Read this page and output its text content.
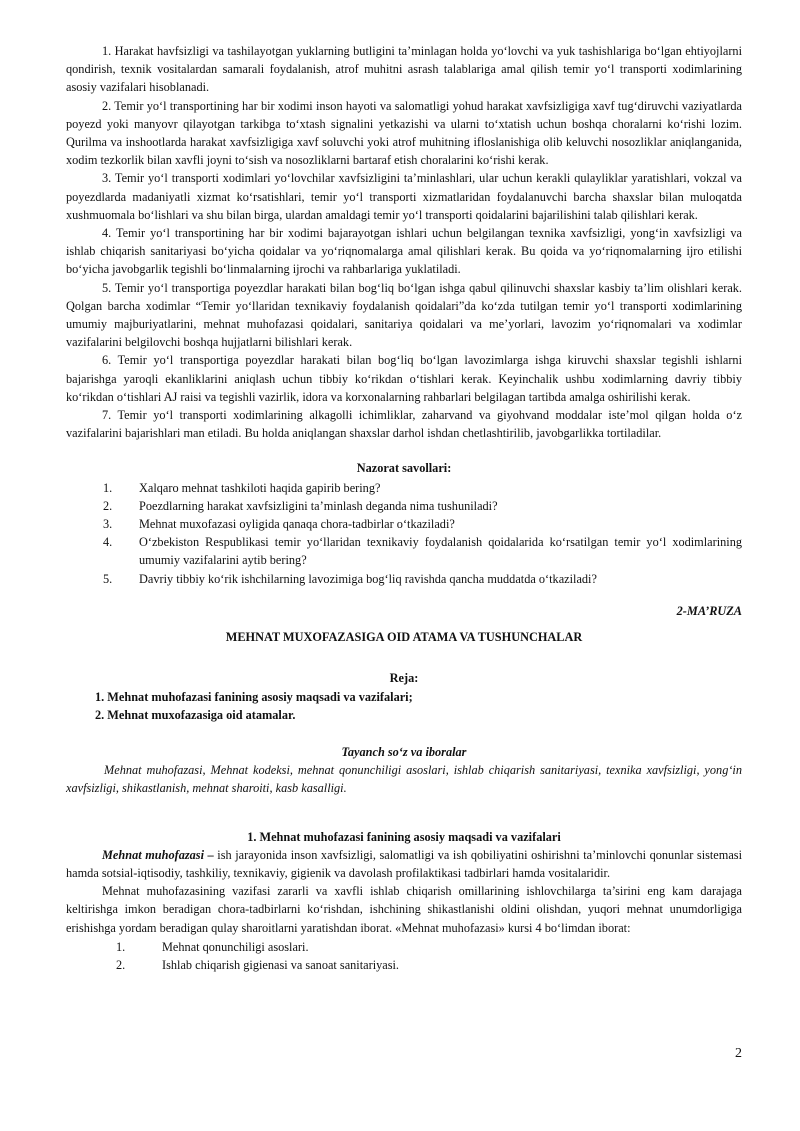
1. Harakat havfsizligi va tashilayotgan yuklarning butligini ta’minlagan holda yo‘lovchi va yuk tashishlariga bo‘lgan ehtiyojlarni qondirish, texnik vositalardan samarali foydalanish, atrof muhitni asrash talablariga amal qilish temir yo‘l transporti xodimlarining asosiy vazifalari hisoblanadi.

2. Temir yo‘l transportining har bir xodimi inson hayoti va salomatligi yohud harakat xavfsizligiga xavf tug‘diruvchi vaziyatlarda poyezd yoki manyovr qilayotgan tarkibga to‘xtash signalini yetkazishi va ularni to‘xtatish uchun boshqa choralarni ko‘rishi lozim. Qurilma va inshootlarda harakat xavfsizligiga xavf soluvchi yoki atrof muhitning ifloslanishiga olib keluvchi nosozliklar aniqlanganida, xodim tezkorlik bilan xavfli joyni to‘sish va nosozliklarni bartaraf etish choralarini ko‘rishi kerak.

3. Temir yo‘l transporti xodimlari yo‘lovchilar xavfsizligini ta’minlashlari, ular uchun kerakli qulayliklar yaratishlari, vokzal va poyezdlarda madaniyatli xizmat ko‘rsatishlari, temir yo‘l transporti xizmatlaridan foydalanuvchi barcha shaxslar bilan muloqatda xushmuomala bo‘lishlari va shu bilan birga, ulardan amaldagi temir yo‘l transporti qoidalarini bajarilishini talab qilishlari kerak.

4. Temir yo‘l transportining har bir xodimi bajarayotgan ishlari uchun belgilangan texnika xavfsizligi, yong‘in xavfsizligi va ishlab chiqarish sanitariyasi bo‘yicha qoidalar va yo‘riqnomalarga amal qilishlari kerak. Bu qoida va yo‘riqnomalarning ijro etilishi bo‘yicha javobgarlik tegishli bo‘linmalarning ijrochi va rahbarlariga yuklatiladi.

5. Temir yo‘l transportiga poyezdlar harakati bilan bog‘liq bo‘lgan ishga qabul qilinuvchi shaxslar kasbiy ta’lim olishlari kerak. Qolgan barcha xodimlar “Temir yo‘llaridan texnikavіy foydalanish qoidalari”da ko‘zda tutilgan temir yo‘l transporti xodimlarining umumiy majburiyatlarini, mehnat muhofazasi qoidalari, sanitariya qoidalari va me’yorlari, lavozim yo‘riqnomalari va xodimlar vazifalarini belgilovchi boshqa hujjatlarni bilishlari kerak.

6. Temir yo‘l transportiga poyezdlar harakati bilan bog‘liq bo‘lgan lavozimlarga ishga kiruvchi shaxslar tegishli ishlarni bajarishga yaroqli ekanliklarini aniqlash uchun tibbiy ko‘rikdan o‘tishlari kerak. Keyinchalik ushbu xodimlarning davriy tibbiy ko‘rikdan o‘tishlari AJ raisi va tegishli vazirlik, idora va korxonalarning rahbarlari belgilagan tartibda amalga oshirilishi kerak.

7. Temir yo‘l transporti xodimlarining alkagolli ichimliklar, zaharvand va giyohvand moddalar iste’mol qilgan holda o‘z vazifalarini bajarishlari man etiladi. Bu holda aniqlangan shaxslar darhol ishdan chetlashtirilib, javobgarlikka tortiladilar.

Nazorat savollari:

1.	Xalqaro mehnat tashkiloti haqida gapirib bering?
2.	Poezdlarning harakat xavfsizligini ta’minlash deganda nima tushuniladi?
3.	Mehnat muxofazasi oyligida qanaqa chora-tadbirlar o‘tkaziladi?
4.	O‘zbekiston Respublikasi temir yo‘llaridan texnikaviy foydalanish qoidalarida ko‘rsatilgan temir yo‘l xodimlarining umumiy vazifalarini aytib bering?
5.	Davriy tibbiy ko‘rik ishchilarning lavozimiga bog‘liq ravishda qancha muddatda o‘tkaziladi?

2-MA’RUZA

MEHNAT MUXOFAZASIGA OID ATAMA VA TUSHUNCHALAR

Reja:

1. Mehnat muhofazasi fanining asosiy maqsadi va vazifalari;
2. Mehnat muxofazasiga oid atamalar.

Tayanch so‘z va iboralar

Mehnat muhofazasi, Mehnat kodeksi, mehnat qonunchiligi asoslari, ishlab chiqarish sanitariyasi, texnika xavfsizligi, yong‘in xavfsizligi, shikastlanish, mehnat sharoiti, kasb kasalligi.

1. Mehnat muhofazasi fanining asosiy maqsadi va vazifalari

Mehnat muhofazasi – ish jarayonida inson xavfsizligi, salomatligi va ish qobiliyatini oshirishni ta’minlovchi qonunlar sistemasi hamda sotsial-iqtisodiy, tashkiliy, texnikaviy, gigienik va davolash profilaktikasi tadbirlari hamda vositalaridir.

Mehnat muhofazasining vazifasi zararli va xavfli ishlab chiqarish omillarining ishlovchilarga ta’sirini eng kam darajaga keltirishga imkon beradigan chora-tadbirlarni ko‘rishdan, ishchining shikastlanishi oldini olishdan, yuqori mehnat unumdorligiga erishishga yordam beradigan qulay sharoitlarni yaratishdan iborat. «Mehnat muhofazasi» kursi 4 bo‘limdan iborat:

1.	Mehnat qonunchiligi asoslari.
2.	Ishlab chiqarish gigienasi va sanoat sanitariyasi.
2
